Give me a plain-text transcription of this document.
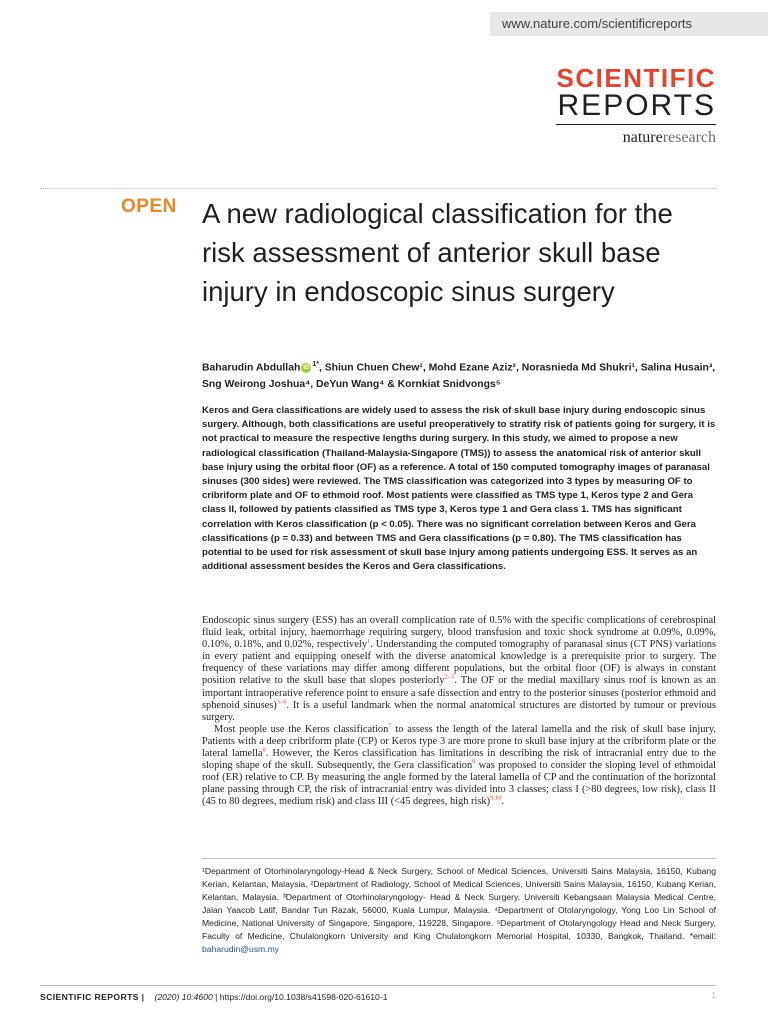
www.nature.com/scientificreports
SCIENTIFIC
REPORTS
natureresearch
OPEN A new radiological classification for the risk assessment of anterior skull base injury in endoscopic sinus surgery
Baharudin Abdullah iD $^{1*}$, Shiun Chuen Chew¹, Mohd Ezane Aziz², Norasnieda Md Shukri¹, Salina Husain³, Sng Weirong Joshua⁴, DeYun Wang⁴ & Kornkiat Snidvongs⁵
Keros and Gera classifications are widely used to assess the risk of skull base injury during endoscopic sinus surgery. Although, both classifications are useful preoperatively to stratify risk of patients going for surgery, it is not practical to measure the respective lengths during surgery. In this study, we aimed to propose a new radiological classification (Thailand-Malaysia-Singapore (TMS)) to assess the anatomical risk of anterior skull base injury using the orbital floor (OF) as a reference. A total of 150 computed tomography images of paranasal sinuses (300 sides) were reviewed. The TMS classification was categorized into 3 types by measuring OF to cribriform plate and OF to ethmoid roof. Most patients were classified as TMS type 1, Keros type 2 and Gera class II, followed by patients classified as TMS type 3, Keros type 1 and Gera class 1. TMS has significant correlation with Keros classification (p < 0.05). There was no significant correlation between Keros and Gera classifications (p = 0.33) and between TMS and Gera classifications (p = 0.80). The TMS classification has potential to be used for risk assessment of skull base injury among patients undergoing ESS. It serves as an additional assessment besides the Keros and Gera classifications.

Endoscopic sinus surgery (ESS) has an overall complication rate of 0.5% with the specific complications of cerebrospinal fluid leak, orbital injury, haemorrhage requiring surgery, blood transfusion and toxic shock syndrome at 0.09%, 0.09%, 0.10%, 0.18%, and 0.02%, respectively$^1$. Understanding the computed tomography of paranasal sinus (CT PNS) variations in every patient and equipping oneself with the diverse anatomical knowledge is a prerequisite prior to surgery. The frequency of these variations may differ among different populations, but the orbital floor (OF) is always in constant position relative to the skull base that slopes posteriorly$^{2-5}$. The OF or the medial maxillary sinus roof is known as an important intraoperative reference point to ensure a safe dissection and entry to the posterior sinuses (posterior ethmoid and sphenoid sinuses)$^{3-6}$. It is a useful landmark when the normal anatomical structures are distorted by tumour or previous surgery.

Most people use the Keros classification$^7$ to assess the length of the lateral lamella and the risk of skull base injury. Patients with a deep cribriform plate (CP) or Keros type 3 are more prone to skull base injury at the cribriform plate or the lateral lamella$^8$. However, the Keros classification has limitations in describing the risk of intracranial entry due to the sloping shape of the skull. Subsequently, the Gera classification$^9$ was proposed to consider the sloping level of ethmoidal roof (ER) relative to CP. By measuring the angle formed by the lateral lamella of CP and the continuation of the horizontal plane passing through CP, the risk of intracranial entry was divided into 3 classes; class I (>80 degrees, low risk), class II (45 to 80 degrees, medium risk) and class III (<45 degrees, high risk)$^{9,10}$.

¹Department of Otorhinolaryngology-Head & Neck Surgery, School of Medical Sciences, Universiti Sains Malaysia, 16150, Kubang Kerian, Kelantan, Malaysia. ²Department of Radiology, School of Medical Sciences, Universiti Sains Malaysia, 16150, Kubang Kerian, Kelantan, Malaysia. ³Department of Otorhinolaryngology- Head & Neck Surgery, Universiti Kebangsaan Malaysia Medical Centre, Jalan Yaacob Latif, Bandar Tun Razak, 56000, Kuala Lumpur, Malaysia. ⁴Department of Otolaryngology, Yong Loo Lin School of Medicine, National University of Singapore, Singapore, 119228, Singapore. ⁵Department of Otolaryngology Head and Neck Surgery, Faculty of Medicine, Chulalongkorn University and King Chulalongkorn Memorial Hospital, 10330, Bangkok, Thailand. *email: baharudin@usm.my
SCIENTIFIC REPORTS | (2020) 10:4600 | https://doi.org/10.1038/s41598-020-61610-1	1
